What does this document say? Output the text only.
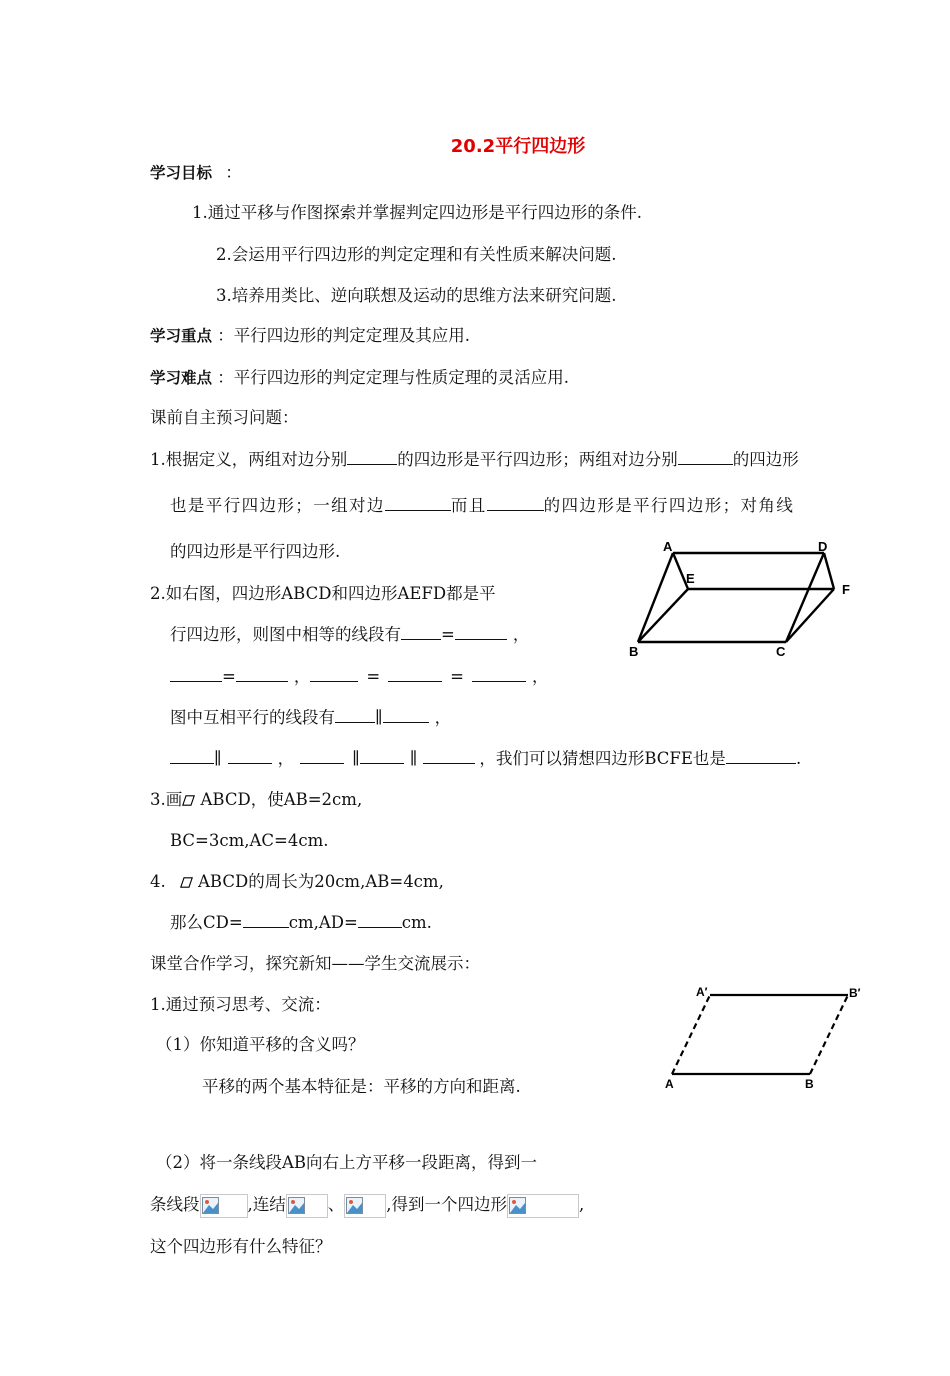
20.2平行四边形
学习目标 ：
1.通过平移与作图探索并掌握判定四边形是平行四边形的条件.
2.会运用平行四边形的判定定理和有关性质来解决问题.
3.培养用类比、逆向联想及运动的思维方法来研究问题.
学习重点 ：平行四边形的判定定理及其应用.
学习难点 ：平行四边形的判定定理与性质定理的灵活应用.
课前自主预习问题：
1.根据定义，两组对边分别	的四边形是平行四边形；两组对边分别	的四边形
也是平行四边形；一组对边	而且	的四边形是平行四边形；对角线
的四边形是平行四边形.	A	D
E
F
B	C
2.如右图，四边形ABCD和四边形AEFD都是平
行四边形，则图中相等的线段有 =	，
=	，	=	=	，
图中互相平行的线段有 ∥	，
∥	，	∥	∥	，我们可以猜想四边形BCFE也是	.
3.画 ABCD，使AB=2cm,
BC=3cm,AC=4cm.
4. ABCD的周长为20cm,AB=4cm,
那么CD=	cm,AD=	cm.
课堂合作学习，探究新知——学生交流展示：
1.通过预习思考、交流：
（1）你知道平移的含义吗？
平移的两个基本特征是：平移的方向和距离.
A′	B′
A	B
（2）将一条线段AB向右上方平移一段距离，得到一
条线段	,连结	、	,得到一个四边形	,
这个四边形有什么特征？
